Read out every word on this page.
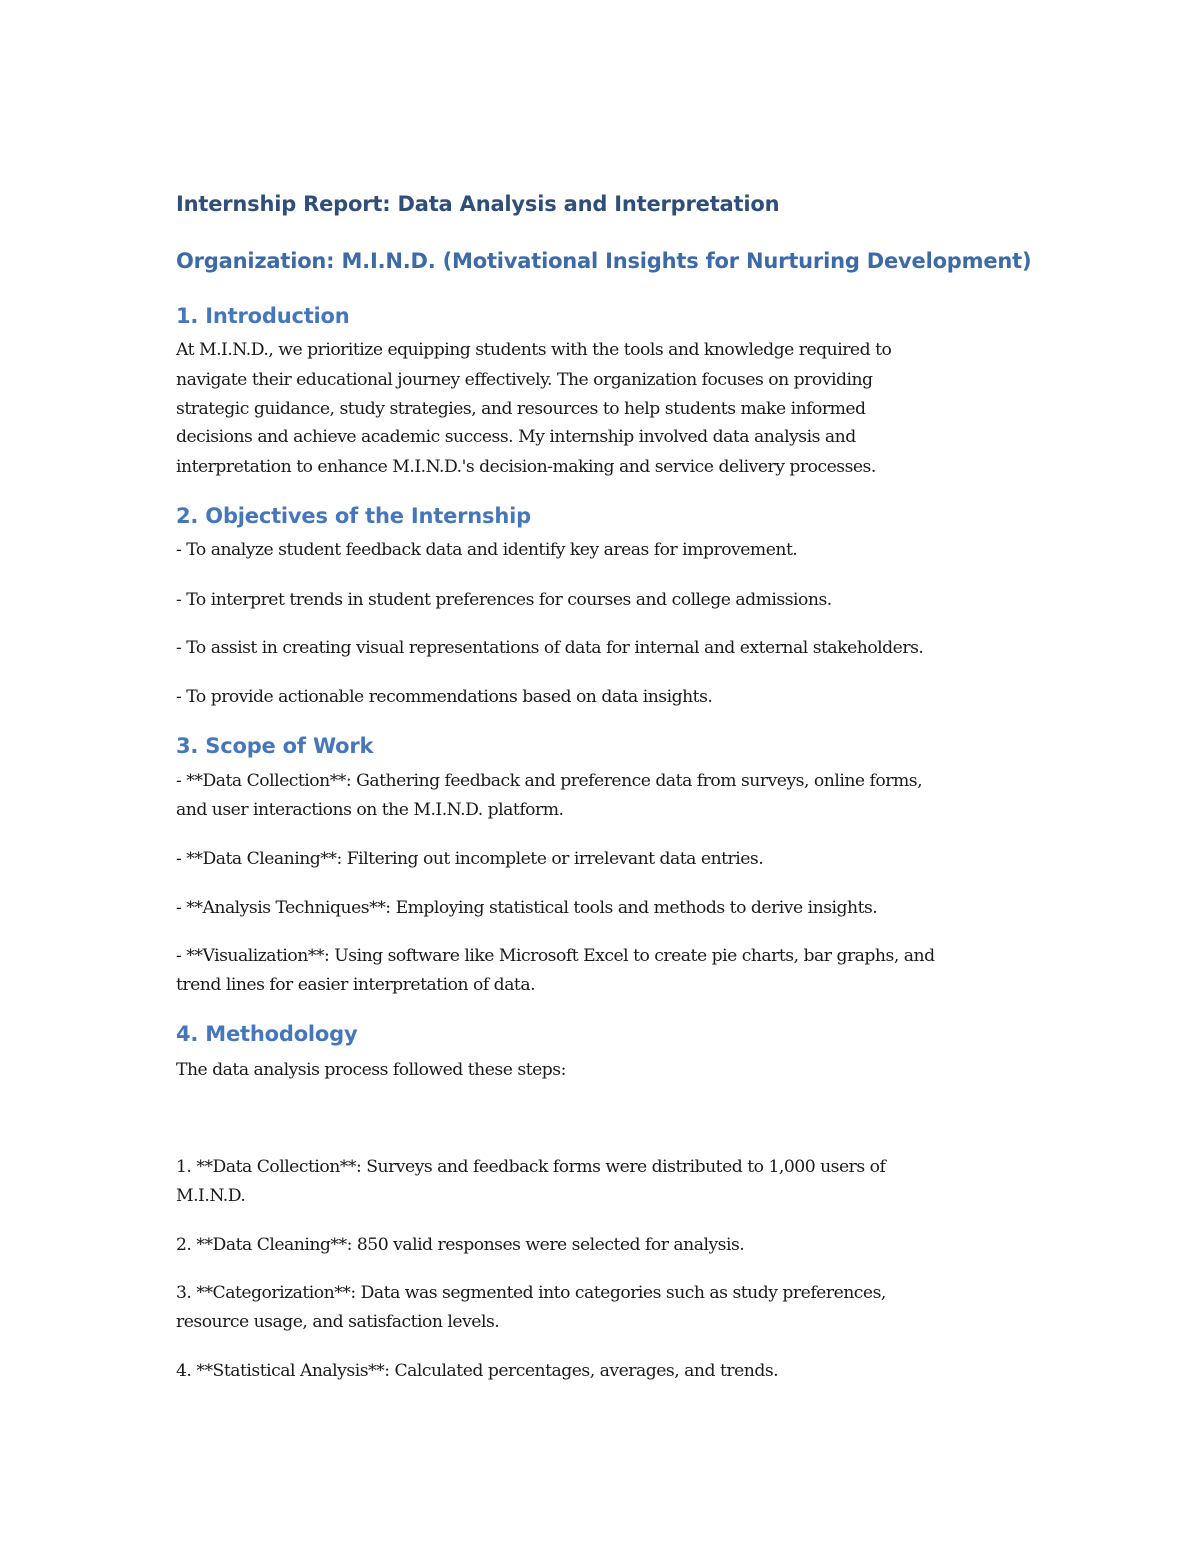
Internship Report: Data Analysis and Interpretation
Organization: M.I.N.D. (Motivational Insights for Nurturing Development)
1. Introduction
At M.I.N.D., we prioritize equipping students with the tools and knowledge required to
navigate their educational journey effectively. The organization focuses on providing
strategic guidance, study strategies, and resources to help students make informed
decisions and achieve academic success. My internship involved data analysis and
interpretation to enhance M.I.N.D.'s decision-making and service delivery processes.
2. Objectives of the Internship
- To analyze student feedback data and identify key areas for improvement.
- To interpret trends in student preferences for courses and college admissions.
- To assist in creating visual representations of data for internal and external stakeholders.
- To provide actionable recommendations based on data insights.
3. Scope of Work
- **Data Collection**: Gathering feedback and preference data from surveys, online forms,
and user interactions on the M.I.N.D. platform.
- **Data Cleaning**: Filtering out incomplete or irrelevant data entries.
- **Analysis Techniques**: Employing statistical tools and methods to derive insights.
- **Visualization**: Using software like Microsoft Excel to create pie charts, bar graphs, and
trend lines for easier interpretation of data.
4. Methodology
The data analysis process followed these steps:
1. **Data Collection**: Surveys and feedback forms were distributed to 1,000 users of
M.I.N.D.
2. **Data Cleaning**: 850 valid responses were selected for analysis.
3. **Categorization**: Data was segmented into categories such as study preferences,
resource usage, and satisfaction levels.
4. **Statistical Analysis**: Calculated percentages, averages, and trends.
